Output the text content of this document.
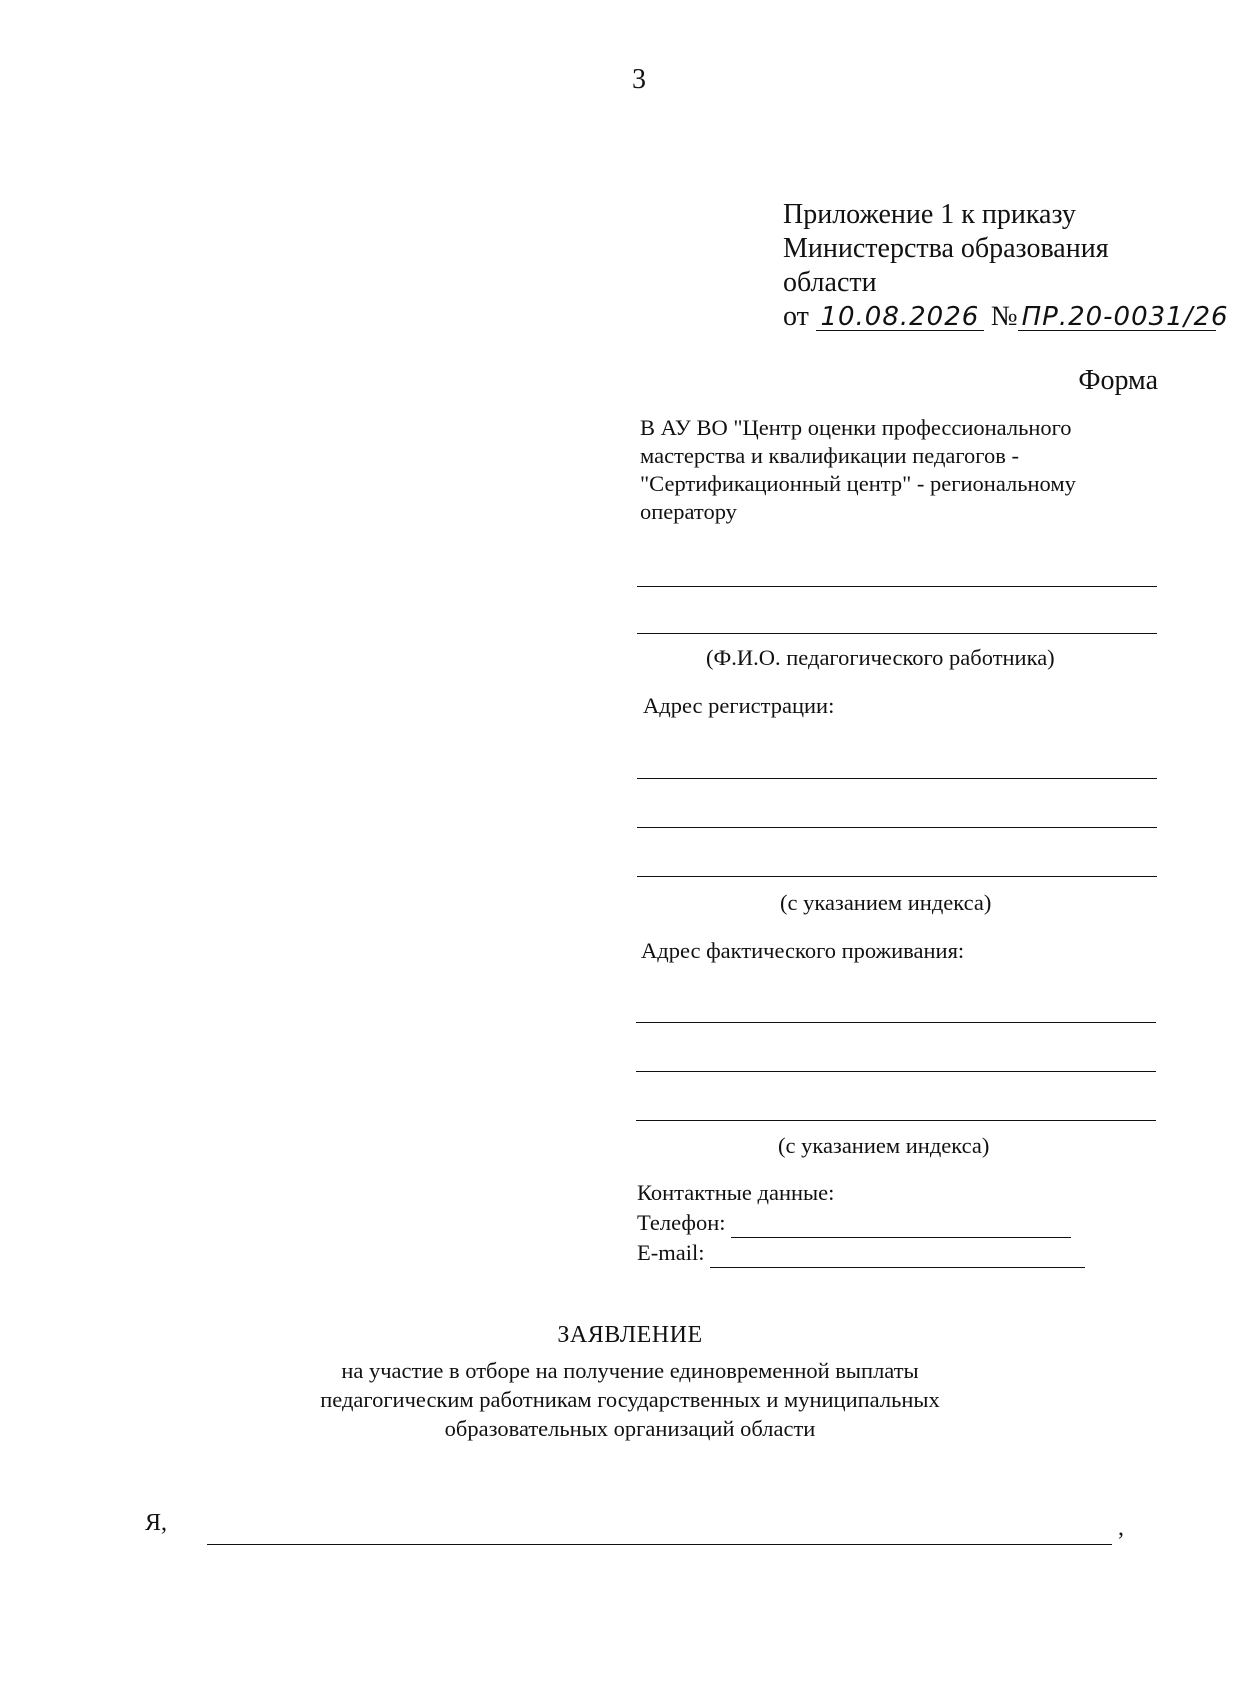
3
Приложение 1 к приказу
Министерства образования
области
от 10.08.2026 № ПР.20-0031/26
Форма
В АУ ВО "Центр оценки профессионального мастерства и квалификации педагогов - "Сертификационный центр" - региональному оператору
(Ф.И.О. педагогического работника)
Адрес регистрации:
(с указанием индекса)
Адрес фактического проживания:
(с указанием индекса)
Контактные данные:
Телефон:
E-mail:
ЗАЯВЛЕНИЕ
на участие в отборе на получение единовременной выплаты педагогическим работникам государственных и муниципальных образовательных организаций области
Я,	,
